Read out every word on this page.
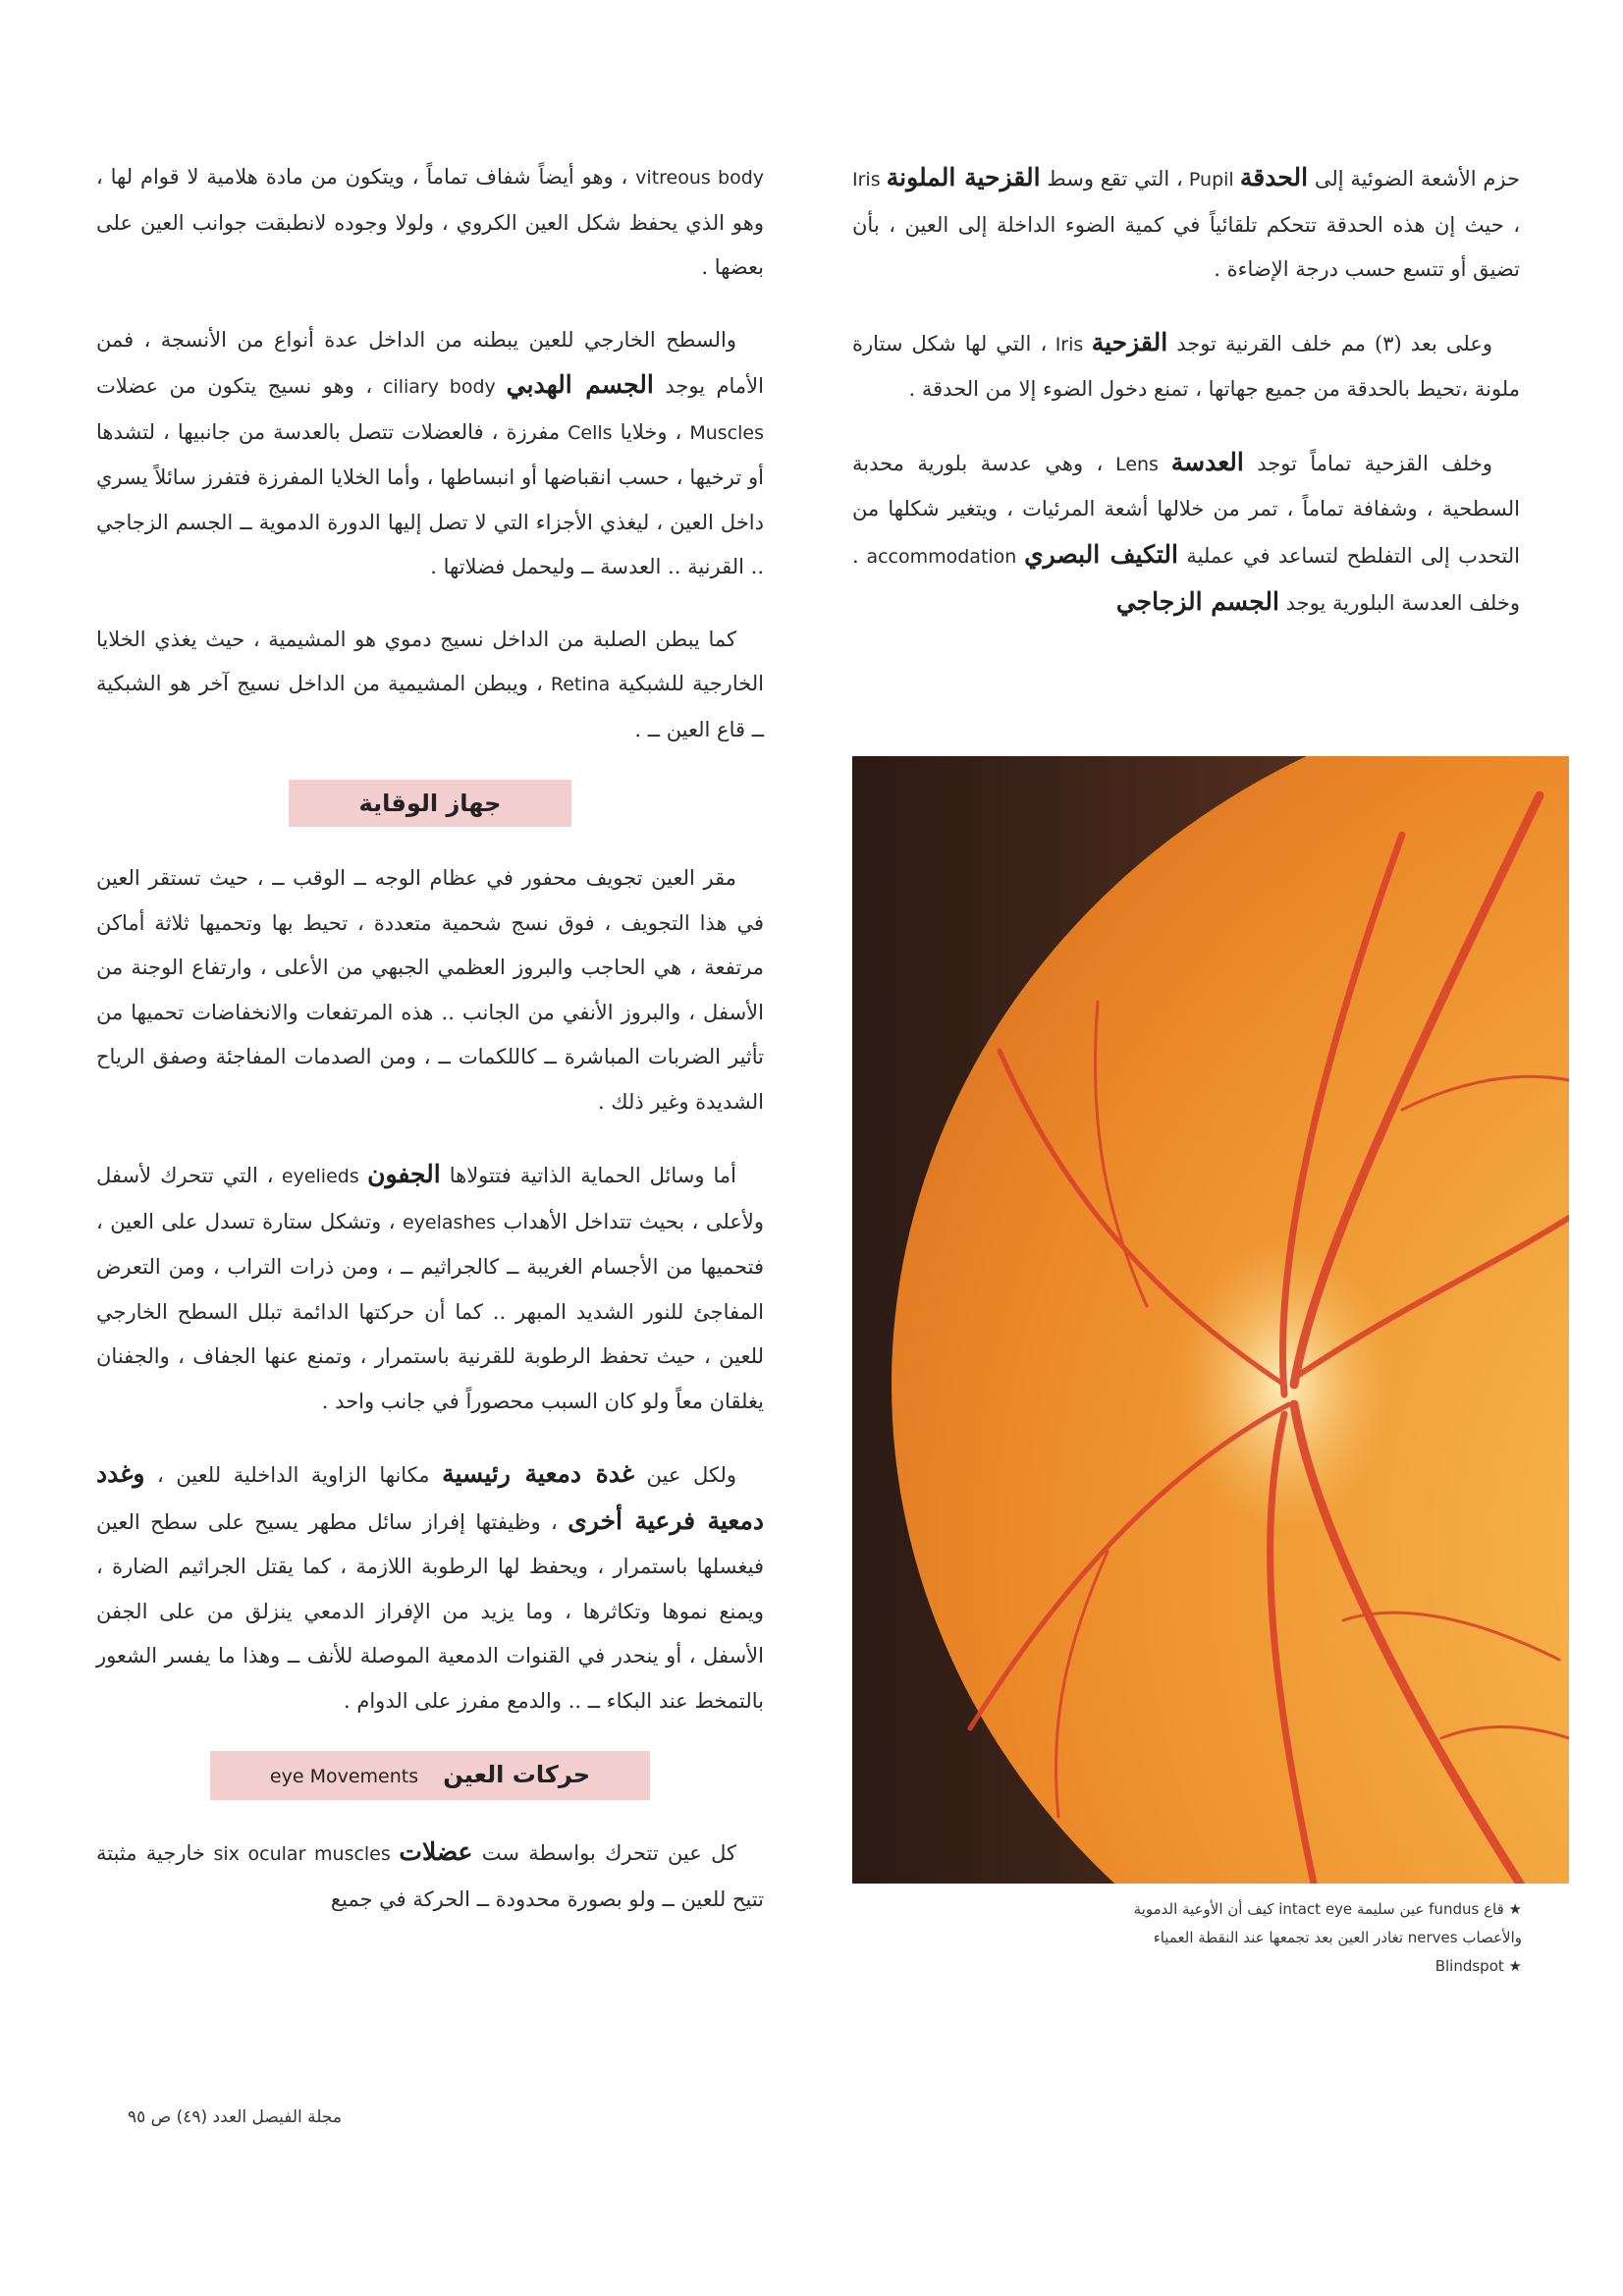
حزم الأشعة الضوئية إلى الحدقة Pupil ، التي تقع وسط القزحية الملونة Iris ، حيث إن هذه الحدقة تتحكم تلقائياً في كمية الضوء الداخلة إلى العين ، بأن تضيق أو تتسع حسب درجة الإضاءة .

وعلى بعد (٣) مم خلف القرنية توجد القزحية Iris ، التي لها شكل ستارة ملونة ،تحيط بالحدقة من جميع جهاتها ، تمنع دخول الضوء إلا من الحدقة .

وخلف القزحية تماماً توجد العدسة Lens ، وهي عدسة بلورية محدبة السطحية ، وشفافة تماماً ، تمر من خلالها أشعة المرئيات ، ويتغير شكلها من التحدب إلى التفلطح لتساعد في عملية التكيف البصري accommodation . وخلف العدسة البلورية يوجد الجسم الزجاجي

★ قاع fundus عين سليمة intact eye كيف أن الأوعية الدموية
والأعصاب nerves تغادر العين بعد تجمعها عند النقطة العمياء
★ Blindspot

vitreous body ، وهو أيضاً شفاف تماماً ، ويتكون من مادة هلامية لا قوام لها ، وهو الذي يحفظ شكل العين الكروي ، ولولا وجوده لانطبقت جوانب العين على بعضها .

والسطح الخارجي للعين يبطنه من الداخل عدة أنواع من الأنسجة ، فمن الأمام يوجد الجسم الهدبي ciliary body ، وهو نسيج يتكون من عضلات Muscles ، وخلايا Cells مفرزة ، فالعضلات تتصل بالعدسة من جانبيها ، لتشدها أو ترخيها ، حسب انقباضها أو انبساطها ، وأما الخلايا المفرزة فتفرز سائلاً يسري داخل العين ، ليغذي الأجزاء التي لا تصل إليها الدورة الدموية ــ الجسم الزجاجي .. القرنية .. العدسة ــ وليحمل فضلاتها .

كما يبطن الصلبة من الداخل نسيج دموي هو المشيمية ، حيث يغذي الخلايا الخارجية للشبكية Retina ، ويبطن المشيمية من الداخل نسيج آخر هو الشبكية ــ قاع العين ــ .

جهاز الوقاية

مقر العين تجويف محفور في عظام الوجه ــ الوقب ــ ، حيث تستقر العين في هذا التجويف ، فوق نسج شحمية متعددة ، تحيط بها وتحميها ثلاثة أماكن مرتفعة ، هي الحاجب والبروز العظمي الجبهي من الأعلى ، وارتفاع الوجنة من الأسفل ، والبروز الأنفي من الجانب .. هذه المرتفعات والانخفاضات تحميها من تأثير الضربات المباشرة ــ كاللكمات ــ ، ومن الصدمات المفاجئة وصفق الرياح الشديدة وغير ذلك .

أما وسائل الحماية الذاتية فتتولاها الجفون eyelieds ، التي تتحرك لأسفل ولأعلى ، بحيث تتداخل الأهداب eyelashes ، وتشكل ستارة تسدل على العين ، فتحميها من الأجسام الغريبة ــ كالجراثيم ــ ، ومن ذرات التراب ، ومن التعرض المفاجئ للنور الشديد المبهر .. كما أن حركتها الدائمة تبلل السطح الخارجي للعين ، حيث تحفظ الرطوبة للقرنية باستمرار ، وتمنع عنها الجفاف ، والجفنان يغلقان معاً ولو كان السبب محصوراً في جانب واحد .

ولكل عين غدة دمعية رئيسية مكانها الزاوية الداخلية للعين ، وغدد دمعية فرعية أخرى ، وظيفتها إفراز سائل مطهر يسيح على سطح العين فيغسلها باستمرار ، ويحفظ لها الرطوبة اللازمة ، كما يقتل الجراثيم الضارة ، ويمنع نموها وتكاثرها ، وما يزيد من الإفراز الدمعي ينزلق من على الجفن الأسفل ، أو ينحدر في القنوات الدمعية الموصلة للأنف ــ وهذا ما يفسر الشعور بالتمخط عند البكاء ــ .. والدمع مفرز على الدوام .

حركات العين   eye Movements

كل عين تتحرك بواسطة ست عضلات six ocular muscles خارجية مثبتة تتيح للعين ــ ولو بصورة محدودة ــ الحركة في جميع

مجلة الفيصل العدد (٤٩) ص ٩٥
